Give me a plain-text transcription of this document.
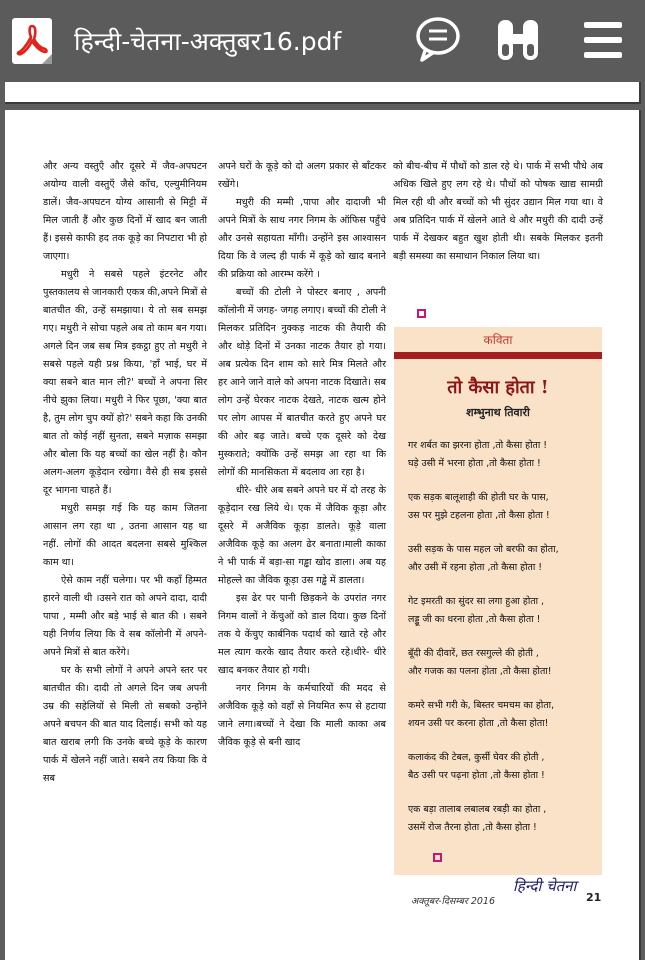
हिन्दी-चेतना-अक्तुबर16.pdf

और अन्य वस्तुएँ और दूसरे में जैव-अपघटन अयोग्य वाली वस्तुएँ जैसे काँच, एल्युमीनियम डालें। जैव-अपघटन योग्य आसानी से मिट्टी में मिल जाती हैं और कुछ दिनों में खाद बन जाती हैं। इससे काफी हद तक कूड़े का निपटारा भी हो जाएगा।

मधुरी ने सबसे पहले इंटरनेट और पुस्तकालय से जानकारी एकत्र की,अपने मित्रों से बातचीत की, उन्हें समझाया। ये तो सब समझ गए। मधुरी ने सोचा पहले अब तो काम बन गया। अगले दिन जब सब मित्र इकट्ठा हुए तो मधुरी ने सबसे पहले यही प्रश्न किया, 'हाँ भाई, घर में क्या सबने बात मान ली?' बच्चों ने अपना सिर नीचे झुका लिया। मधुरी ने फिर पूछा, 'क्या बात है, तुम लोग चुप क्यों हो?' सबने कहा कि उनकी बात तो कोई नहीं सुनता, सबने मज़ाक समझा और बोला कि यह बच्चों का खेल नहीं है। कौन अलग-अलग कूड़ेदान रखेगा। वैसे ही सब इससे दूर भागना चाहते हैं।

मधुरी समझ गई कि यह काम जितना आसान लग रहा था , उतना आसान यह था नहीं. लोगों की आदत बदलना सबसे मुश्किल काम था।

ऐसे काम नहीं चलेगा। पर भी कहाँ हिम्मत हारने वाली थी ।उसने रात को अपने दादा, दादी पापा , मम्मी और बड़े भाई से बात की । सबने यही निर्णय लिया कि वे सब कॉलोनी में अपने-अपने मित्रों से बात करेंगे।

घर के सभी लोगों ने अपने अपने स्तर पर बातचीत की। दादी तो अगले दिन जब अपनी उम्र की सहेलियों से मिली तो सबको उन्होंने अपने बचपन की बात याद दिलाई। सभी को यह बात खराब लगी कि उनके बच्चे कूड़े के कारण पार्क में खेलने नहीं जाते। सबने तय किया कि वे सब

अपने घरों के कूड़े को दो अलग प्रकार से बाँटकर रखेंगे।

मधुरी की मम्मी ,पापा और दादाजी भी अपने मित्रों के साथ नगर निगम के ऑफिस पहुँचे और उनसे सहायता माँगी। उन्होंने इस आश्वासन दिया कि वे जल्द ही पार्क में कूड़े को खाद बनाने की प्रक्रिया को आरम्भ करेंगे ।

बच्चों की टोली ने पोस्टर बनाए , अपनी कॉलोनी में जगह- जगह लगाए। बच्चों की टोली ने मिलकर प्रतिदिन नुक्कड़ नाटक की तैयारी की और थोड़े दिनों में उनका नाटक तैयार हो गया। अब प्रत्येक दिन शाम को सारे मित्र मिलते और हर आने जाने वाले को अपना नाटक दिखाते। सब लोग उन्हें घेरकर नाटक देखते, नाटक खत्म होने पर लोग आपस में बातचीत करते हुए अपने घर की ओर बढ़ जाते। बच्चे एक दूसरे को देख मुस्कराते; क्योंकि उन्हें समझ आ रहा था कि लोगों की मानसिकता में बदलाव आ रहा है।

धीरे- धीरे अब सबने अपने घर में दो तरह के कूड़ेदान रख लिये थे। एक में जैविक कूड़ा और दूसरे में अजैविक कूड़ा डालते। कूड़े वाला अजैविक कूड़े का अलग ढेर बनाता।माली काका ने भी पार्क में बड़ा-सा गड्ढा खोद डाला। अब यह मोहल्ले का जैविक कूड़ा उस गड्ढे में डालता।

इस ढेर पर पानी छिड़कने के उपरांत नगर निगम वालों ने केंचुओं को डाल दिया। कुछ दिनों तक ये केंचुए कार्बनिक पदार्थ को खाते रहे और मल त्याग करके खाद तैयार करते रहे।धीरे- धीरे खाद बनकर तैयार हो गयी।

नगर निगम के कर्मचारियों की मदद से अजैविक कूड़े को वहाँ से नियमित रूप से हटाया जाने लगा।बच्चों ने देखा कि माली काका अब जैविक कूड़े से बनी खाद

को बीच-बीच में पौधों को डाल रहे थे। पार्क में सभी पौधे अब अधिक खिले हुए लग रहे थे। पौधों को पोषक खाद्य सामग्री मिल रही थी और बच्चों को भी सुंदर उद्यान मिल गया था। वे अब प्रतिदिन पार्क में खेलने आते थे और मधुरी की दादी उन्हें पार्क में देखकर बहुत खुश होती थी। सबके मिलकर इतनी बड़ी समस्या का समाधान निकाल लिया था।

कविता
तो कैसा होता !
शम्भुनाथ तिवारी
गर शर्बत का झरना होता ,तो कैसा होता !
घड़े उसी में भरना होता ,तो कैसा होता !
एक सड़क बालूशाही की होती घर के पास,
उस पर मुझे टहलना होता ,तो कैसा होता !
उसी सड़क के पास महल जो बरफी का होता,
और उसी में रहना होता ,तो कैसा होता !
गेट इमरती का सुंदर सा लगा हुआ होता ,
लड्डू जी का धरना होता ,तो कैसा होता !
बूँदी की दीवारें, छत रसगुल्ले की होती ,
और गजक का पलना होता ,तो कैसा होता!
कमरे सभी गरी के, बिस्तर चमचम का होता,
शयन उसी पर करना होता ,तो कैसा होता!
कलाकंद की टेबल, कुर्सी घेवर की होती ,
बैठ उसी पर पढ़ना होता ,तो कैसा होता !
एक बड़ा तालाब लबालब रबड़ी का होता ,
उसमें रोज तैरना होता ,तो कैसा होता !
अक्तूबर-दिसम्बर 2016
हिन्दी चेतना
21
